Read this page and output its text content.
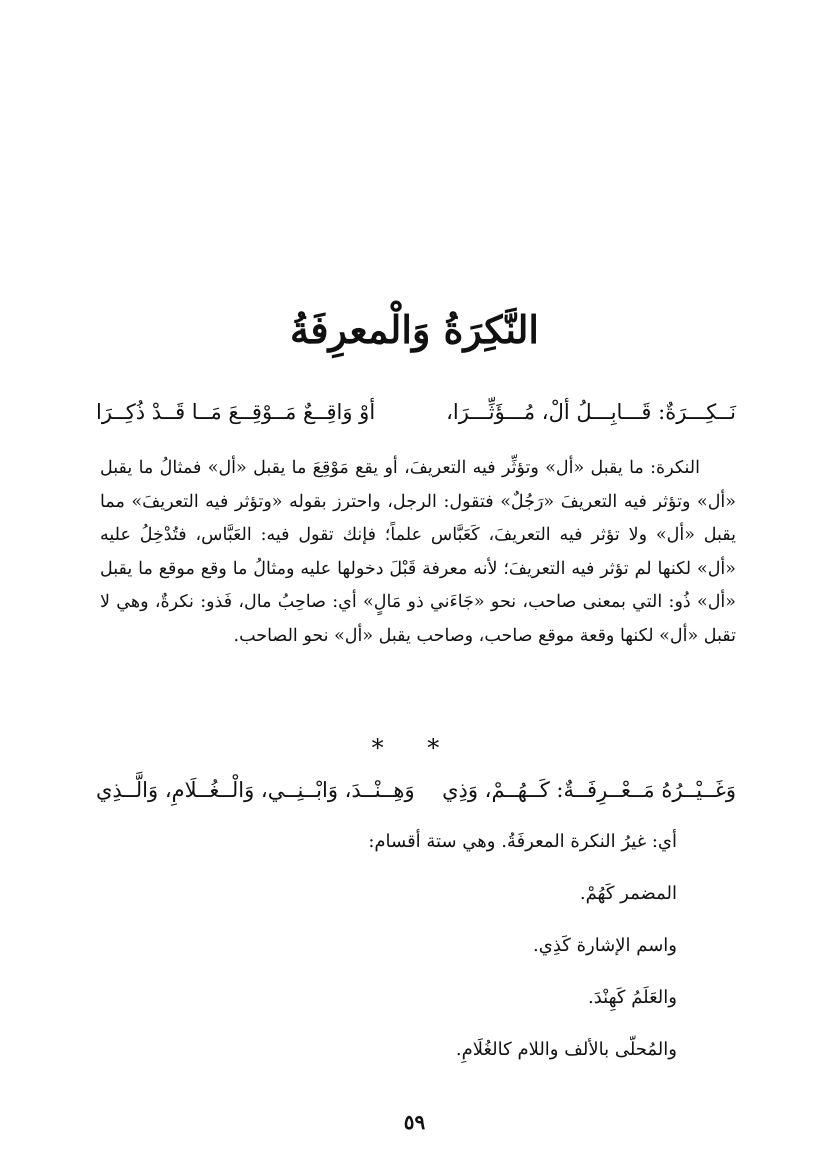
النَّكِرَةُ وَالْمعرِفَةُ
نَــكِـــرَةٌ: قَـــابِـــلُ ألْ، مُـــؤَثِّـــرَا،
أوْ وَاقِــعٌ مَــوْقِــعَ مَــا قَــدْ ذُكِــرَا

النكرة: ما يقبل «أل» وتؤثِّر فيه التعريفَ، أو يقع مَوْقِعَ ما يقبل «أل» فمثالُ ما يقبل «أل» وتؤثر فيه التعريفَ «رَجُلٌ» فتقول: الرجل، واحترز بقوله «وتؤثر فيه التعريفَ» مما يقبل «أل» ولا تؤثر فيه التعريفَ، كَعَبَّاس علماً؛ فإنك تقول فيه: العَبَّاس، فتُدْخِلُ عليه «أل» لكنها لم تؤثر فيه التعريفَ؛ لأنه معرفة قَبْلَ دخولها عليه ومثالُ ما وقع موقع ما يقبل «أل» ذُو: التي بمعنى صاحب، نحو «جَاءَني ذو مَالٍ» أي: صاحِبُ مال، فَذو: نكرةٌ، وهي لا تقبل «أل» لكنها وقعة موقع صاحب، وصاحب يقبل «أل» نحو الصاحب.

* *
وَغَــيْــرُهُ مَــعْــرِفَــةٌ: كَــهُــمْ، وَذِي
وَهِــنْــدَ، وَابْــنِــي، وَالْــغُــلَامِ، وَالَّــذِي
أي: غيرُ النكرة المعرفَةُ. وهي ستة أقسام:
المضمر كَهُمْ.
واسم الإشارة كَذِي.
والعَلَمُ كَهِنْدَ.
والمُحلّى بالألف واللام كالغُلَامِ.
٥٩
